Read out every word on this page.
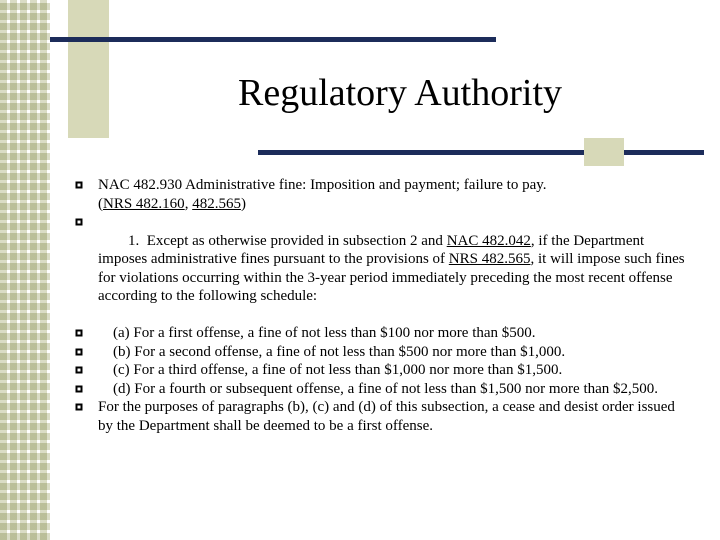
Regulatory Authority
NAC 482.930 Administrative fine: Imposition and payment; failure to pay.
(NRS 482.160, 482.565)

1.  Except as otherwise provided in subsection 2 and NAC 482.042, if the Department imposes administrative fines pursuant to the provisions of NRS 482.565, it will impose such fines for violations occurring within the 3-year period immediately preceding the most recent offense according to the following schedule:

(a) For a first offense, a fine of not less than $100 nor more than $500.
(b) For a second offense, a fine of not less than $500 nor more than $1,000.
(c) For a third offense, a fine of not less than $1,000 nor more than $1,500.
(d) For a fourth or subsequent offense, a fine of not less than $1,500 nor more than $2,500.
For the purposes of paragraphs (b), (c) and (d) of this subsection, a cease and desist order issued by the Department shall be deemed to be a first offense.
